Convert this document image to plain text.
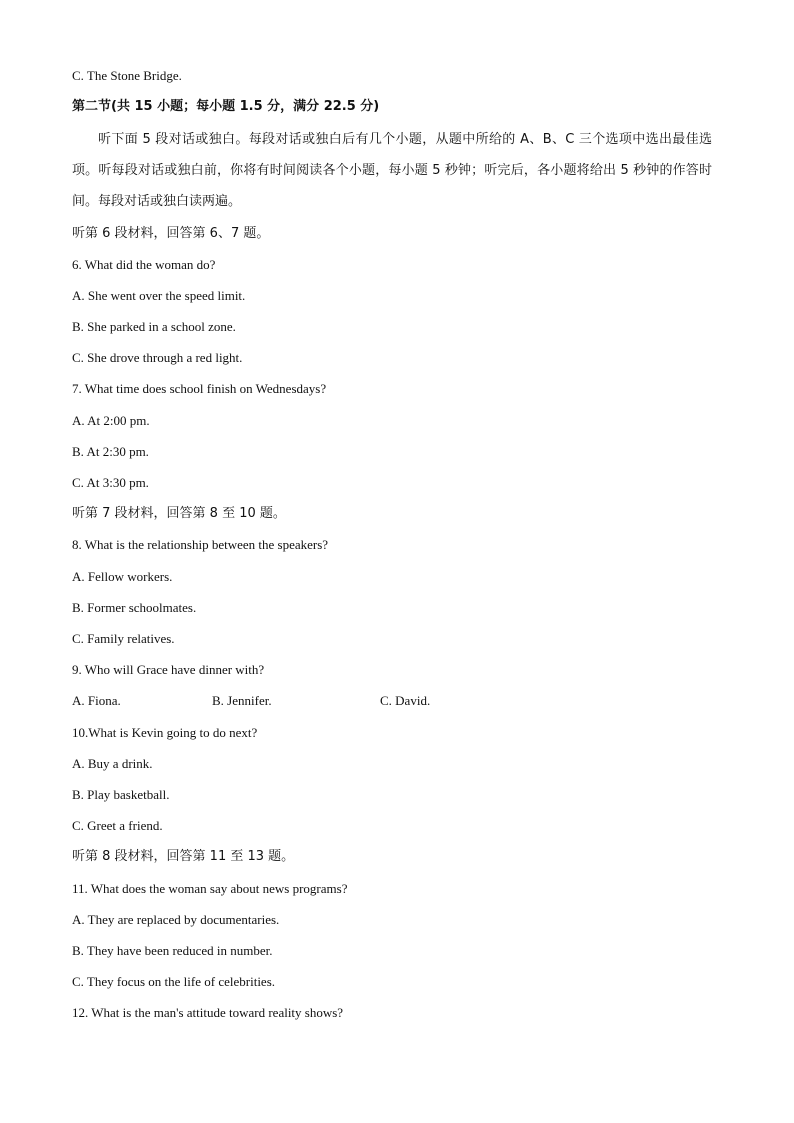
C. The Stone Bridge.
第二节(共 15 小题；每小题 1.5 分，满分 22.5 分)
听下面 5 段对话或独白。每段对话或独白后有几个小题，从题中所给的 A、B、C 三个选项中选出最佳选项。听每段对话或独白前，你将有时间阅读各个小题，每小题 5 秒钟；听完后，各小题将给出 5 秒钟的作答时间。每段对话或独白读两遍。
听第 6 段材料，回答第 6、7 题。
6. What did the woman do?
A. She went over the speed limit.
B. She parked in a school zone.
C. She drove through a red light.
7. What time does school finish on Wednesdays?
A. At 2:00 pm.
B. At 2:30 pm.
C. At 3:30 pm.
听第 7 段材料，回答第 8 至 10 题。
8. What is the relationship between the speakers?
A. Fellow workers.
B. Former schoolmates.
C. Family relatives.
9. Who will Grace have dinner with?
A. Fiona.	B. Jennifer.	C. David.
10.What is Kevin going to do next?
A. Buy a drink.
B. Play basketball.
C. Greet a friend.
听第 8 段材料，回答第 11 至 13 题。
11. What does the woman say about news programs?
A. They are replaced by documentaries.
B. They have been reduced in number.
C. They focus on the life of celebrities.
12. What is the man's attitude toward reality shows?
